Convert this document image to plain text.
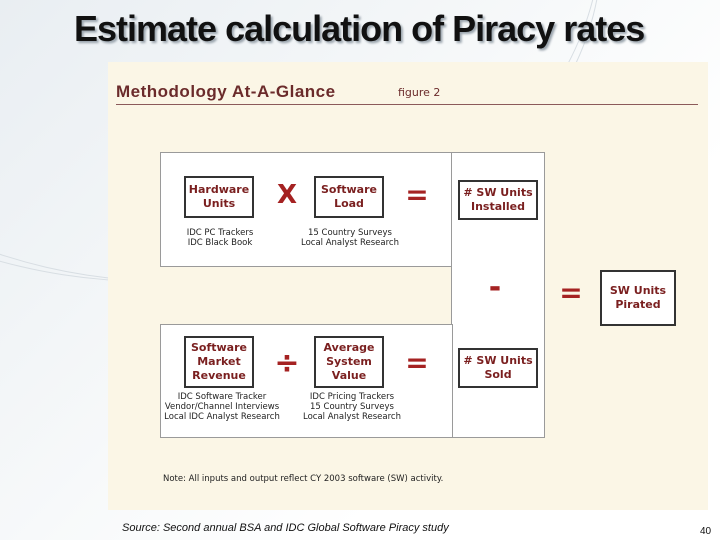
Estimate calculation of Piracy rates
Methodology At-A-Glance	figure 2
Hardware
Units	X	Software
Load	=
IDC PC Trackers
IDC Black Book
15 Country Surveys
Local Analyst Research
# SW Units
Installed
-
# SW Units
Sold
=	SW Units
Pirated
Software
Market
Revenue ÷	Average
System
Value	=
IDC Software Tracker
Vendor/Channel Interviews
Local IDC Analyst Research
IDC Pricing Trackers
15 Country Surveys
Local Analyst Research
Note: All inputs and output reflect CY 2003 software (SW) activity.
Source: Second annual BSA and IDC Global Software Piracy study	40
